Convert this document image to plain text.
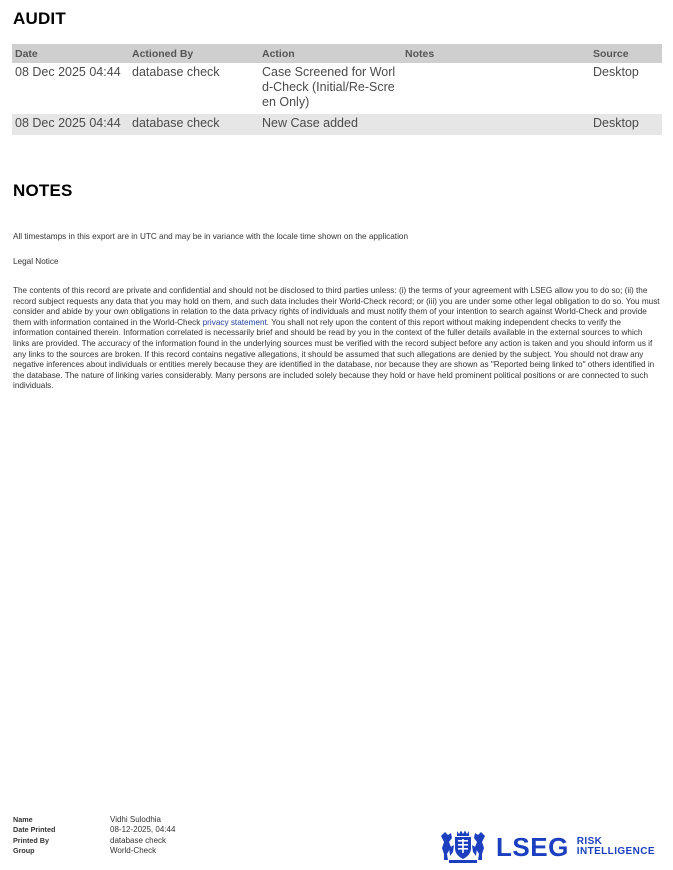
AUDIT
Date	Actioned By	Action	Notes	Source
08 Dec 2025 04:44	database check	Case Screened for World-Check (Initial/Re-Screen Only)		Desktop
08 Dec 2025 04:44	database check	New Case added		Desktop
NOTES
All timestamps in this export are in UTC and may be in variance with the locale time shown on the application
Legal Notice
The contents of this record are private and confidential and should not be disclosed to third parties unless: (i) the terms of your agreement with LSEG allow you to do so; (ii) the record subject requests any data that you may hold on them, and such data includes their World-Check record; or (iii) you are under some other legal obligation to do so. You must consider and abide by your own obligations in relation to the data privacy rights of individuals and must notify them of your intention to search against World-Check and provide them with information contained in the World-Check privacy statement. You shall not rely upon the content of this report without making independent checks to verify the information contained therein. Information correlated is necessarily brief and should be read by you in the context of the fuller details available in the external sources to which links are provided. The accuracy of the information found in the underlying sources must be verified with the record subject before any action is taken and you should inform us if any links to the sources are broken. If this record contains negative allegations, it should be assumed that such allegations are denied by the subject. You should not draw any negative inferences about individuals or entities merely because they are identified in the database, nor because they are shown as "Reported being linked to" others identified in the database. The nature of linking varies considerably. Many persons are included solely because they hold or have held prominent political positions or are connected to such individuals.
Name	Vidhi Sulodhia
Date Printed	08-12-2025, 04:44
Printed By	database check
Group	World-Check	LSEG RISK
INTELLIGENCE
